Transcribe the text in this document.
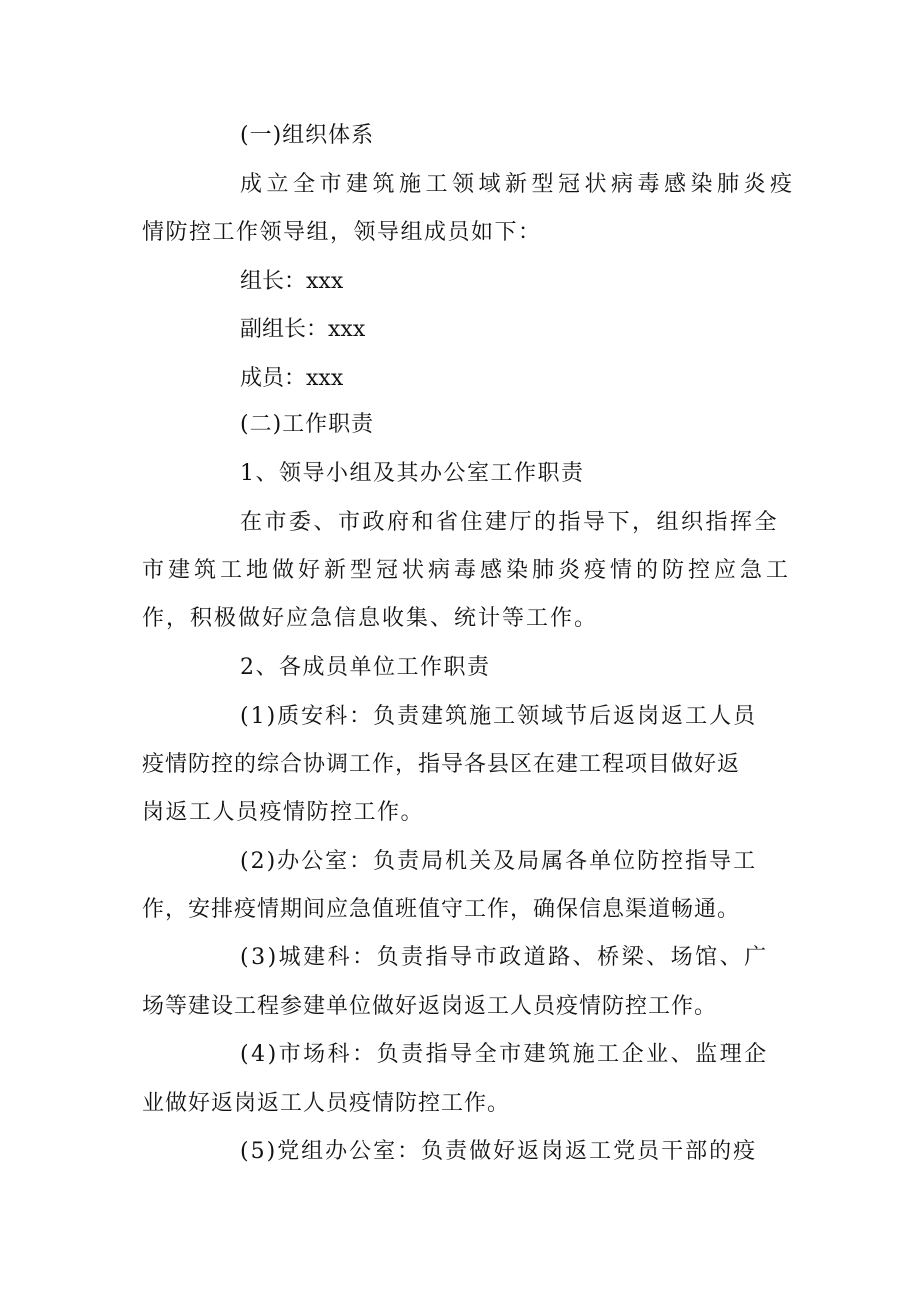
(一)组织体系
成立全市建筑施工领域新型冠状病毒感染肺炎疫
情防控工作领导组，领导组成员如下：
组长：xxx
副组长：xxx
成员：xxx
(二)工作职责
1、领导小组及其办公室工作职责
在市委、市政府和省住建厅的指导下，组织指挥全
市建筑工地做好新型冠状病毒感染肺炎疫情的防控应急工
作，积极做好应急信息收集、统计等工作。
2、各成员单位工作职责
(1)质安科：负责建筑施工领域节后返岗返工人员
疫情防控的综合协调工作，指导各县区在建工程项目做好返
岗返工人员疫情防控工作。
(2)办公室：负责局机关及局属各单位防控指导工
作，安排疫情期间应急值班值守工作，确保信息渠道畅通。
(3)城建科：负责指导市政道路、桥梁、场馆、广
场等建设工程参建单位做好返岗返工人员疫情防控工作。
(4)市场科：负责指导全市建筑施工企业、监理企
业做好返岗返工人员疫情防控工作。
(5)党组办公室：负责做好返岗返工党员干部的疫
